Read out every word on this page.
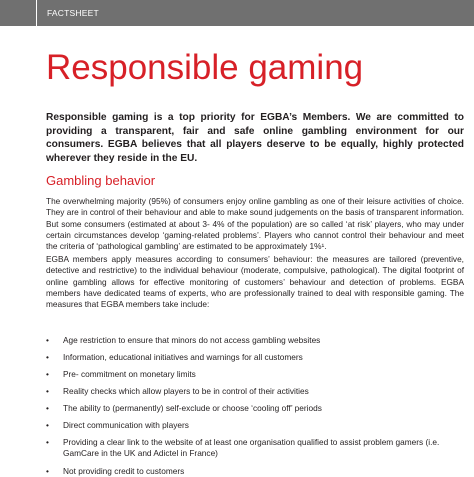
FACTSHEET
Responsible gaming

Responsible gaming is a top priority for EGBA’s Members. We are committed to providing a transparent, fair and safe online gambling environment for our consumers. EGBA believes that all players deserve to be equally, highly protected wherever they reside in the EU.

Gambling behavior

The overwhelming majority (95%) of consumers enjoy online gambling as one of their leisure activities of choice. They are in control of their behaviour and able to make sound judgements on the basis of transparent information. But some consumers (estimated at about 3- 4% of the population) are so called ‘at risk’ players, who may under certain circumstances develop ‘gaming-related problems’. Players who cannot control their behaviour and meet the criteria of ‘pathological gambling’ are estimated to be approximately 1%¹.

EGBA members apply measures according to consumers’ behaviour: the measures are tailored (preventive, detective and restrictive) to the individual behaviour (moderate, compulsive, pathological). The digital footprint of online gambling allows for effective monitoring of customers’ behaviour and detection of problems. EGBA members have dedicated teams of experts, who are professionally trained to deal with responsible gaming. The measures that EGBA members take include:

• Age restriction to ensure that minors do not access gambling websites
• Information, educational initiatives and warnings for all customers
• Pre- commitment on monetary limits
• Reality checks which allow players to be in control of their activities
• The ability to (permanently) self-exclude or choose ‘cooling off’ periods
• Direct communication with players
• Providing a clear link to the website of at least one organisation qualified to assist problem gamers (i.e. GamCare in the UK and Adictel in France)
• Not providing credit to customers
